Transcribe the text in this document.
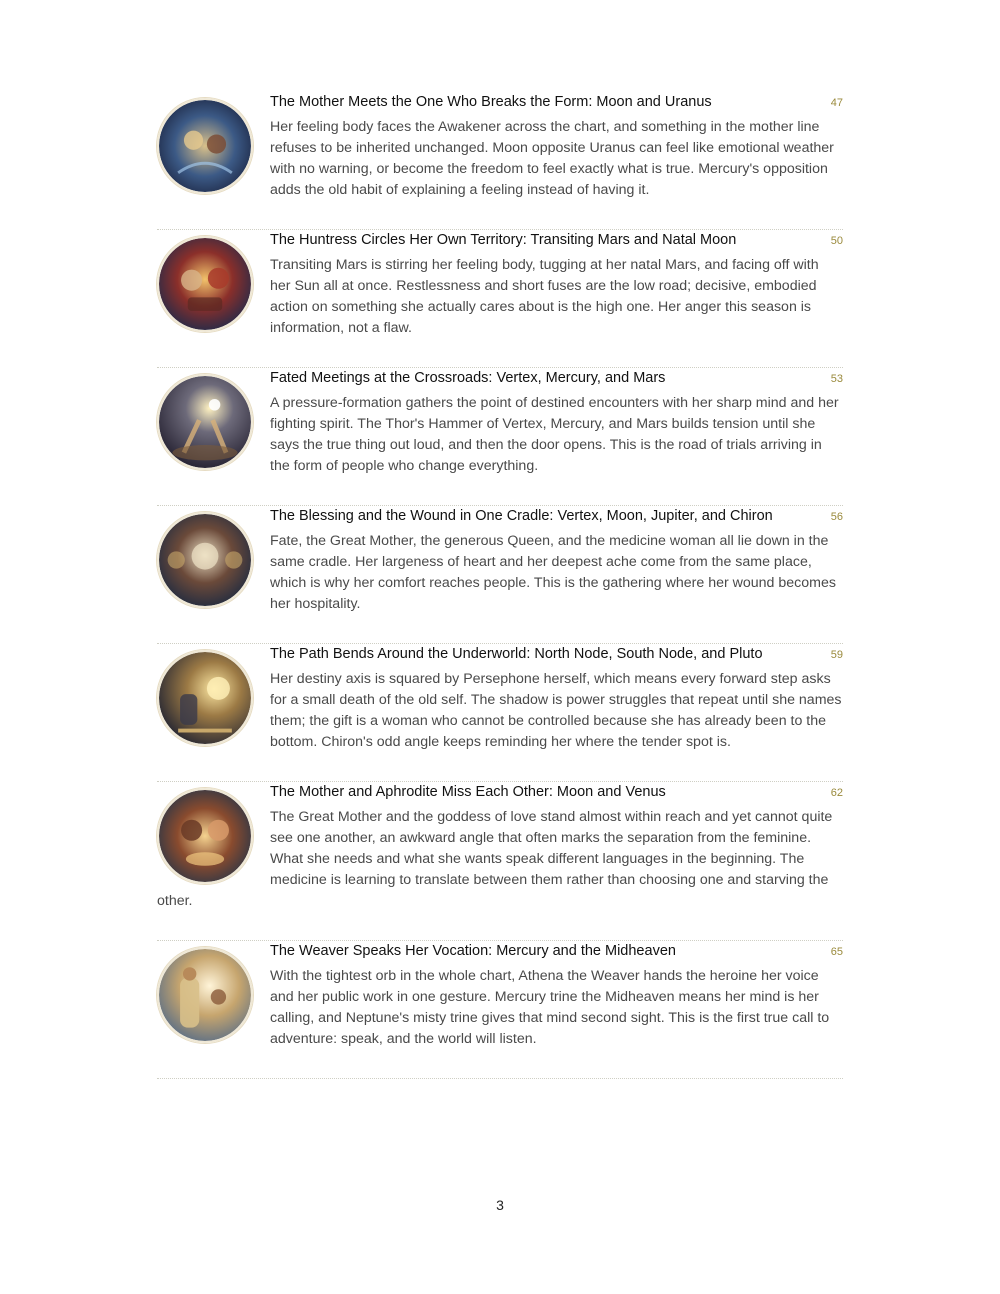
47
The Mother Meets the One Who Breaks the Form: Moon and Uranus

Her feeling body faces the Awakener across the chart, and something in the mother line refuses to be inherited unchanged. Moon opposite Uranus can feel like emotional weather with no warning, or become the freedom to feel exactly what is true. Mercury's opposition adds the old habit of explaining a feeling instead of having it.

50
The Huntress Circles Her Own Territory: Transiting Mars and Natal Moon

Transiting Mars is stirring her feeling body, tugging at her natal Mars, and facing off with her Sun all at once. Restlessness and short fuses are the low road; decisive, embodied action on something she actually cares about is the high one. Her anger this season is information, not a flaw.

53
Fated Meetings at the Crossroads: Vertex, Mercury, and Mars

A pressure-formation gathers the point of destined encounters with her sharp mind and her fighting spirit. The Thor's Hammer of Vertex, Mercury, and Mars builds tension until she says the true thing out loud, and then the door opens. This is the road of trials arriving in the form of people who change everything.

56
The Blessing and the Wound in One Cradle: Vertex, Moon, Jupiter, and Chiron

Fate, the Great Mother, the generous Queen, and the medicine woman all lie down in the same cradle. Her largeness of heart and her deepest ache come from the same place, which is why her comfort reaches people. This is the gathering where her wound becomes her hospitality.

59
The Path Bends Around the Underworld: North Node, South Node, and Pluto

Her destiny axis is squared by Persephone herself, which means every forward step asks for a small death of the old self. The shadow is power struggles that repeat until she names them; the gift is a woman who cannot be controlled because she has already been to the bottom. Chiron's odd angle keeps reminding her where the tender spot is.

62
The Mother and Aphrodite Miss Each Other: Moon and Venus

The Great Mother and the goddess of love stand almost within reach and yet cannot quite see one another, an awkward angle that often marks the separation from the feminine. What she needs and what she wants speak different languages in the beginning. The medicine is learning to translate between them rather than choosing one and starving the other.

65
The Weaver Speaks Her Vocation: Mercury and the Midheaven

With the tightest orb in the whole chart, Athena the Weaver hands the heroine her voice and her public work in one gesture. Mercury trine the Midheaven means her mind is her calling, and Neptune's misty trine gives that mind second sight. This is the first true call to adventure: speak, and the world will listen.

3
